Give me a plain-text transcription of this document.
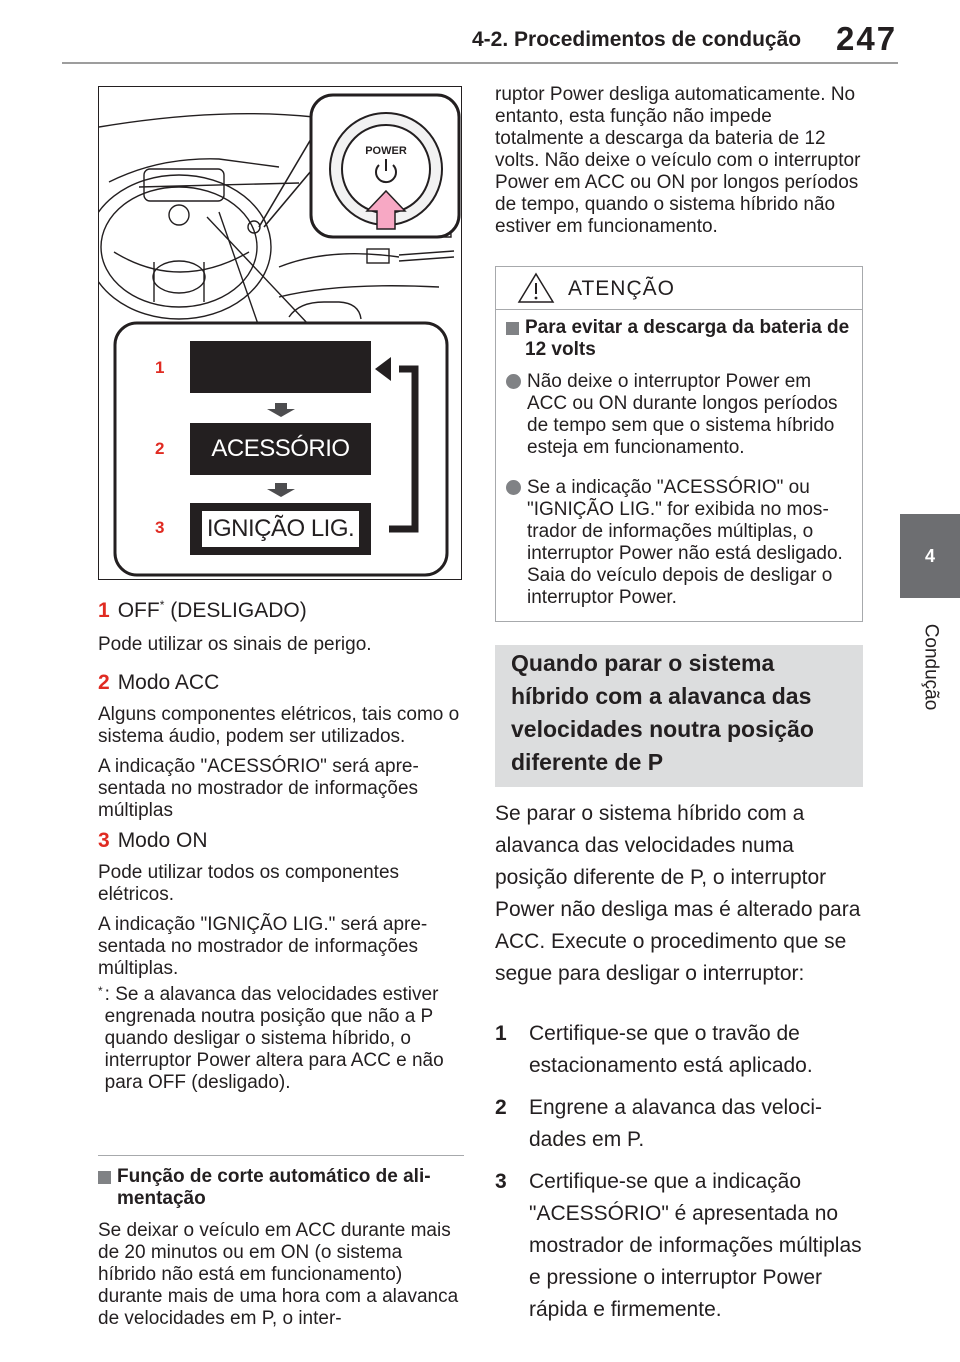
4-2. Procedimentos de condução 247
4
Condução
POWER
1
2
3
ACESSÓRIO
IGNIÇÃO LIG.
1 OFF* (DESLIGADO)
Pode utilizar os sinais de perigo.
2 Modo ACC
Alguns componentes elétricos, tais como o sistema áudio, podem ser utilizados.
A indicação "ACESSÓRIO" será apresentada no mostrador de informações múltiplas
3 Modo ON
Pode utilizar todos os componentes elétricos.
A indicação "IGNIÇÃO LIG." será apresentada no mostrador de informações múltiplas.
* : Se a alavanca das velocidades estiver engrenada noutra posição que não a P quando desligar o sistema híbrido, o interruptor Power altera para ACC e não para OFF (desligado).
Função de corte automático de alimentação
Se deixar o veículo em ACC durante mais de 20 minutos ou em ON (o sistema híbrido não está em funcionamento) durante mais de uma hora com a alavanca de velocidades em P, o inter-
ruptor Power desliga automaticamente. No entanto, esta função não impede totalmente a descarga da bateria de 12 volts. Não deixe o veículo com o interruptor Power em ACC ou ON por longos períodos de tempo, quando o sistema híbrido não estiver em funcionamento.
ATENÇÃO
Para evitar a descarga da bateria de 12 volts
Não deixe o interruptor Power em ACC ou ON durante longos períodos de tempo sem que o sistema híbrido esteja em funcionamento.
Se a indicação "ACESSÓRIO" ou "IGNIÇÃO LIG." for exibida no mostrador de informações múltiplas, o interruptor Power não está desligado. Saia do veículo depois de desligar o interruptor Power.
Quando parar o sistema híbrido com a alavanca das velocidades noutra posição diferente de P
Se parar o sistema híbrido com a alavanca das velocidades numa posição diferente de P, o interruptor Power não desliga mas é alterado para ACC. Execute o procedimento que se segue para desligar o interruptor:
1	Certifique-se que o travão de estacionamento está aplicado.
2	Engrene a alavanca das velocidades em P.
3	Certifique-se que a indicação "ACESSÓRIO" é apresentada no mostrador de informações múltiplas e pressione o interruptor Power rápida e firmemente.
